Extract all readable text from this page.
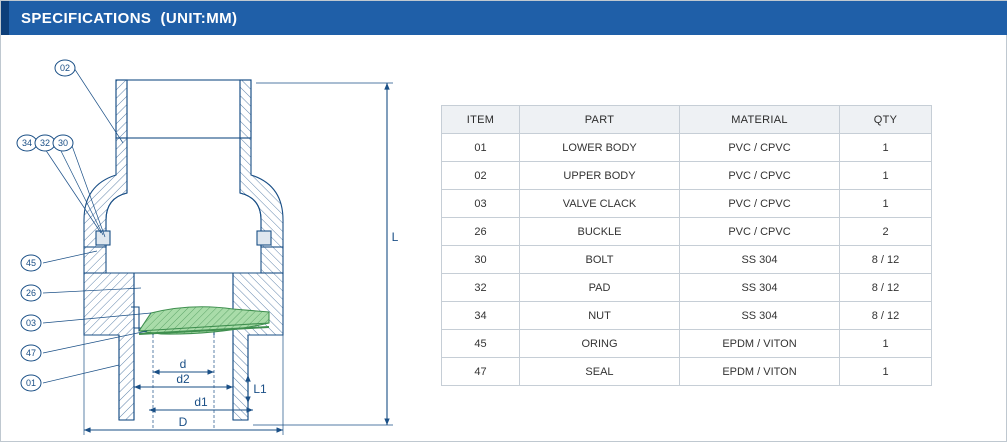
SPECIFICATIONS  (UNIT:MM)
02
34 32 30
45
26
03
47
01
L
d
d2
L1
d1
D
ITEM	PART	MATERIAL	QTY
01	LOWER BODY	PVC / CPVC	1
02	UPPER BODY	PVC / CPVC	1
03	VALVE CLACK	PVC / CPVC	1
26	BUCKLE	PVC / CPVC	2
30	BOLT	SS 304	8 / 12
32	PAD	SS 304	8 / 12
34	NUT	SS 304	8 / 12
45	ORING	EPDM / VITON	1
47	SEAL	EPDM / VITON	1
